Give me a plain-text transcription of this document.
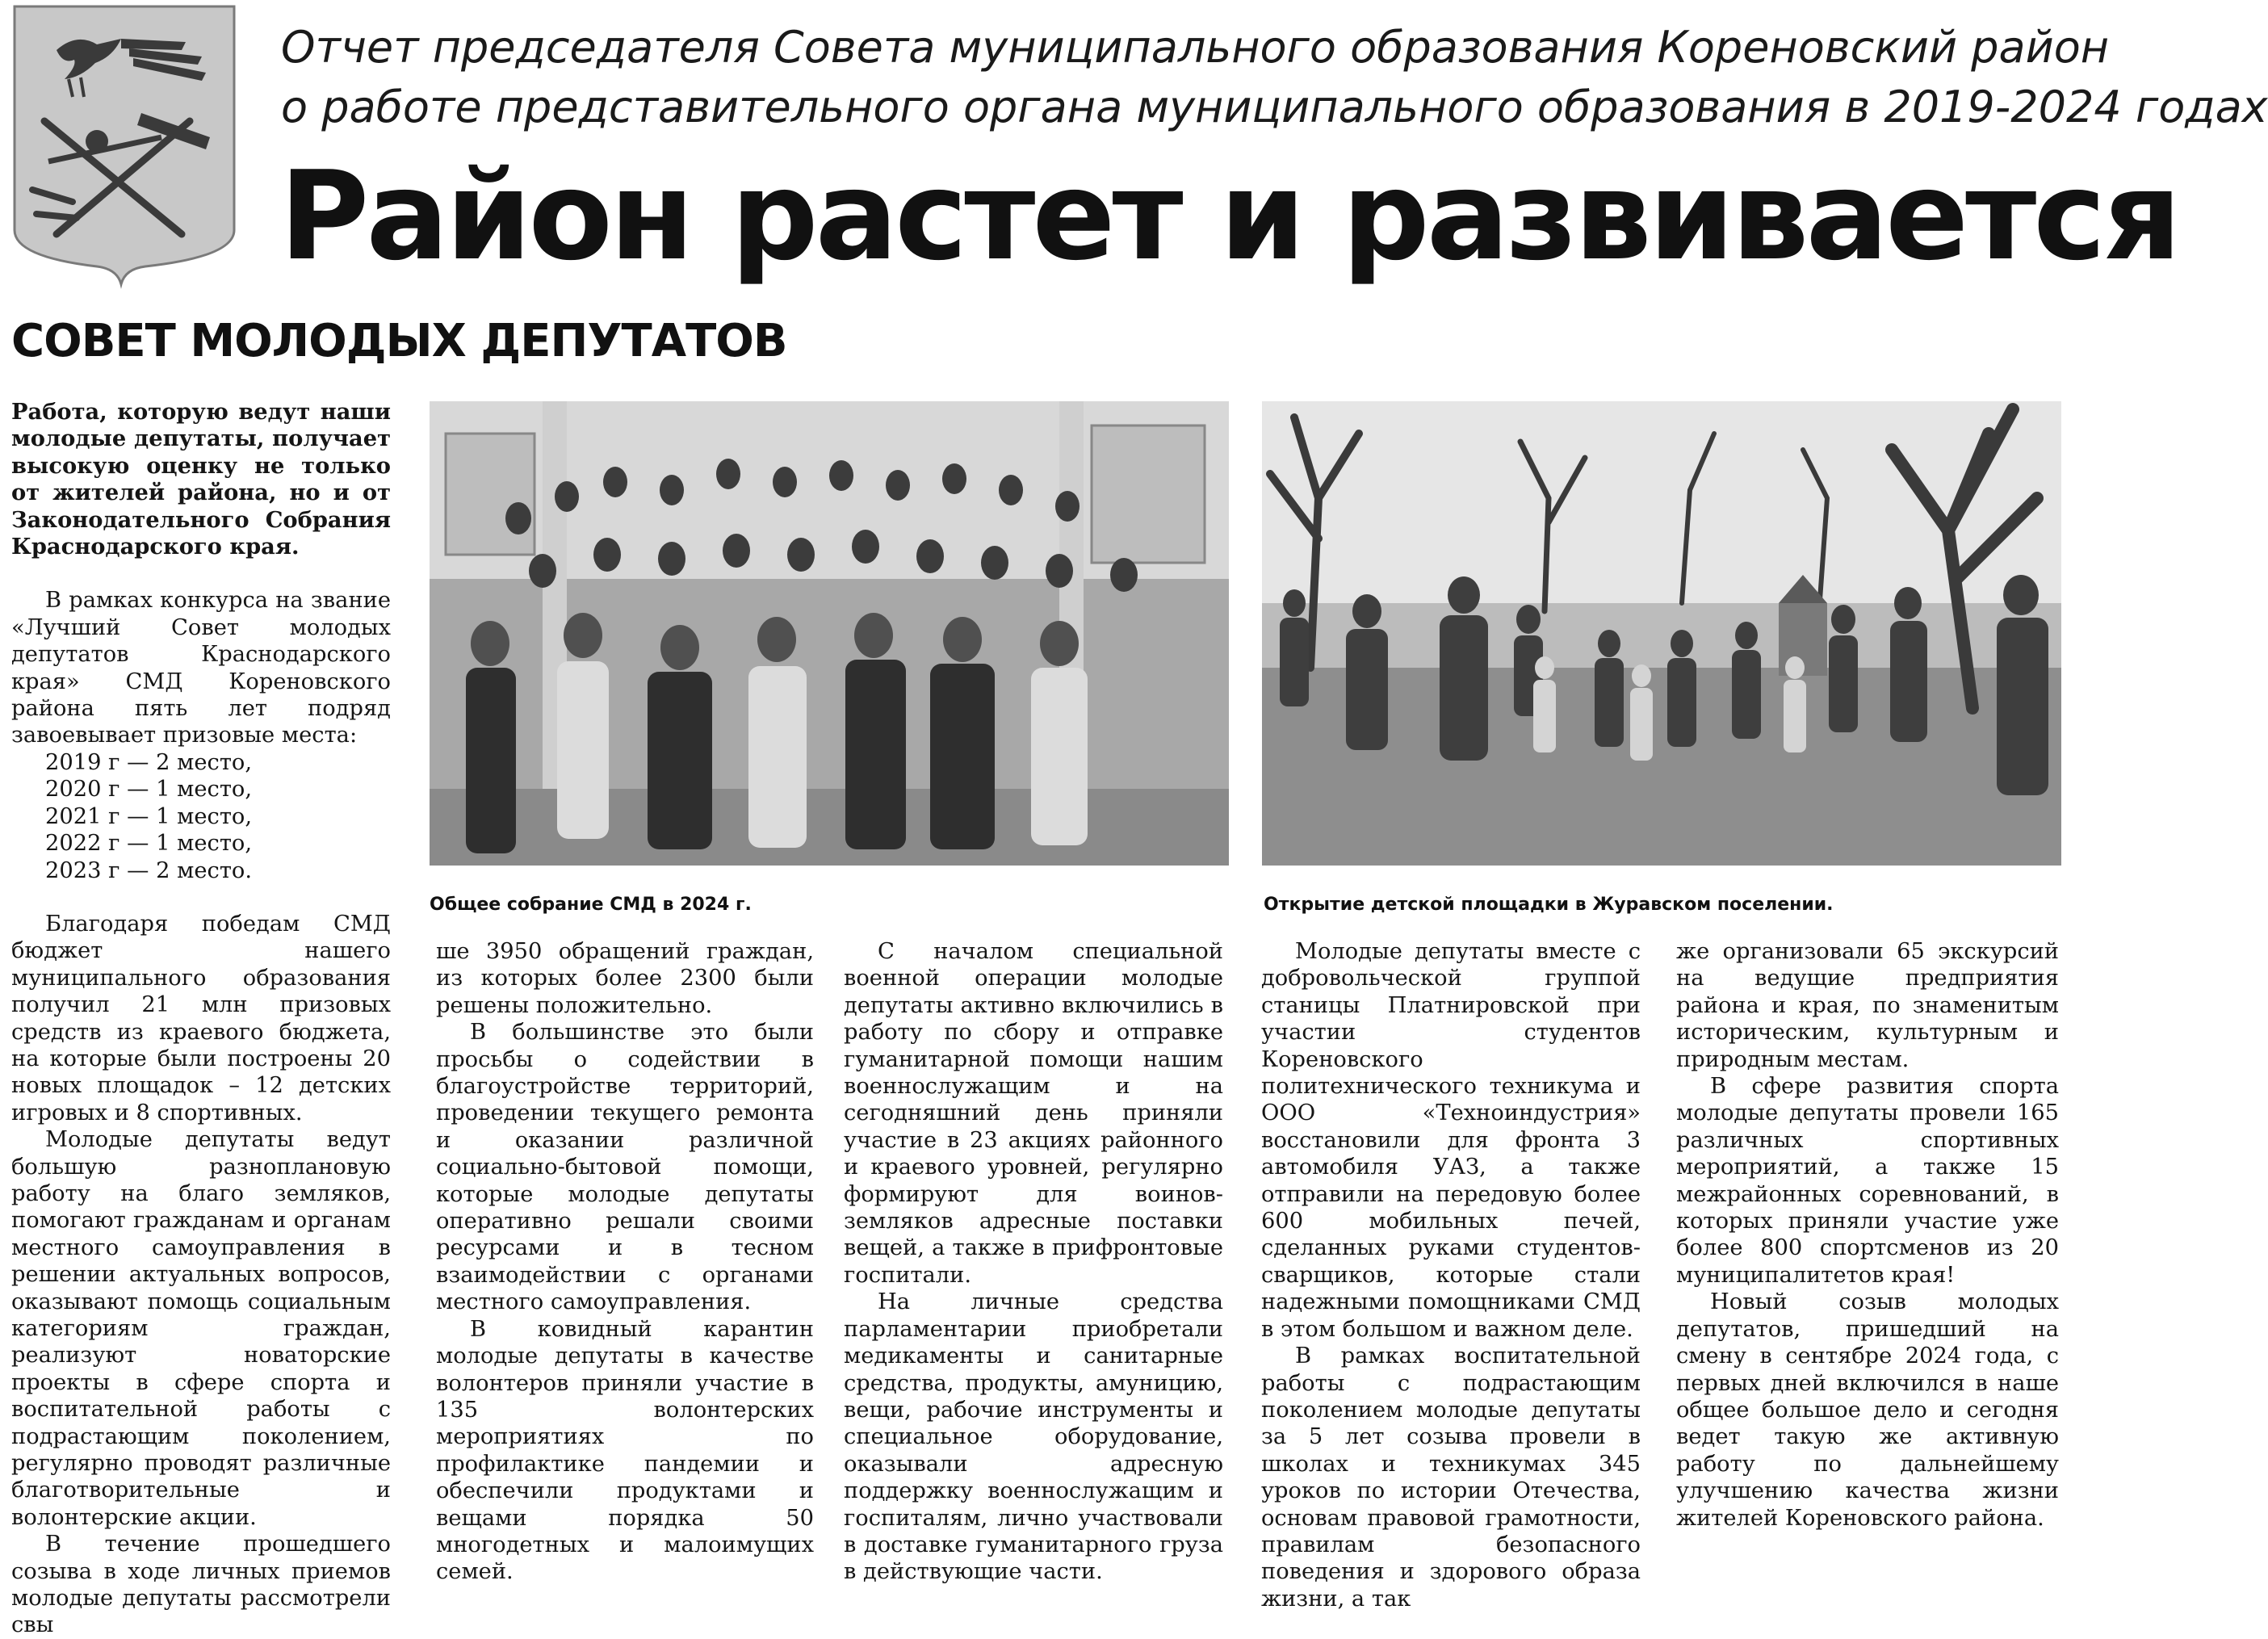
Отчет председателя Совета муниципального образования Кореновский район
о работе представительного органа муниципального образования в 2019-2024 годах
Район растет и развивается
СОВЕТ МОЛОДЫХ ДЕПУТАТОВ
Общее собрание СМД в 2024 г.	Открытие детской площадки в Журавском поселении.

Работа, которую ведут наши молодые депутаты, получает высокую оценку не только от жителей района, но и от Законодательного Собрания Краснодарского края.

В рамках конкурса на звание «Лучший Совет молодых депутатов Краснодарского края» СМД Кореновского района пять лет подряд завоевывает призовые места:

2019 г — 2 место,
2020 г — 1 место,
2021 г — 1 место,
2022 г — 1 место,
2023 г — 2 место.

Благодаря победам СМД бюджет нашего муниципального образования получил 21 млн призовых средств из краевого бюджета, на которые были построены 20 новых площадок – 12 детских игровых и 8 спортивных.

Молодые депутаты ведут большую разноплановую работу на благо земляков, помогают гражданам и органам местного самоуправления в решении актуальных вопросов, оказывают помощь социальным категориям граждан, реализуют новаторские проекты в сфере спорта и воспитательной работы с подрастающим поколением, регулярно проводят различные благотворительные и волонтерские акции.

В течение прошедшего созыва в ходе личных приемов молодые депутаты рассмотрели свы

ше 3950 обращений граждан, из которых более 2300 были решены положительно.

В большинстве это были просьбы о содействии в благоустройстве территорий, проведении текущего ремонта и оказании различной социально-бытовой помощи, которые молодые депутаты оперативно решали своими ресурсами и в тесном взаимодействии с органами местного самоуправления.

В ковидный карантин молодые депутаты в качестве волонтеров приняли участие в 135 волонтерских мероприятиях по профилактике пандемии и обеспечили продуктами и вещами порядка 50 многодетных и малоимущих семей.

С началом специальной военной операции молодые депутаты активно включились в работу по сбору и отправке гуманитарной помощи нашим военнослужащим и на сегодняшний день приняли участие в 23 акциях районного и краевого уровней, регулярно формируют для воинов-земляков адресные поставки вещей, а также в прифронтовые госпитали.

На личные средства парламентарии приобретали медикаменты и санитарные средства, продукты, амуницию, вещи, рабочие инструменты и специальное оборудование, оказывали адресную поддержку военнослужащим и госпиталям, лично участвовали в доставке гуманитарного груза в действующие части.

Молодые депутаты вместе с добровольческой группой станицы Платнировской при участии студентов Кореновского политехнического техникума и ООО «Техноиндустрия» восстановили для фронта 3 автомобиля УАЗ, а также отправили на передовую более 600 мобильных печей, сделанных руками студентов-сварщиков, которые стали надежными помощниками СМД в этом большом и важном деле.

В рамках воспитательной работы с подрастающим поколением молодые депутаты за 5 лет созыва провели в школах и техникумах 345 уроков по истории Отечества, основам правовой грамотности, правилам безопасного поведения и здорового образа жизни, а так

же организовали 65 экскурсий на ведущие предприятия района и края, по знаменитым историческим, культурным и природным местам.

В сфере развития спорта молодые депутаты провели 165 различных спортивных мероприятий, а также 15 межрайонных соревнований, в которых приняли участие уже более 800 спортсменов из 20 муниципалитетов края!

Новый созыв молодых депутатов, пришедший на смену в сентябре 2024 года, с первых дней включился в наше общее большое дело и сегодня ведет такую же активную работу по дальнейшему улучшению качества жизни жителей Кореновского района.
